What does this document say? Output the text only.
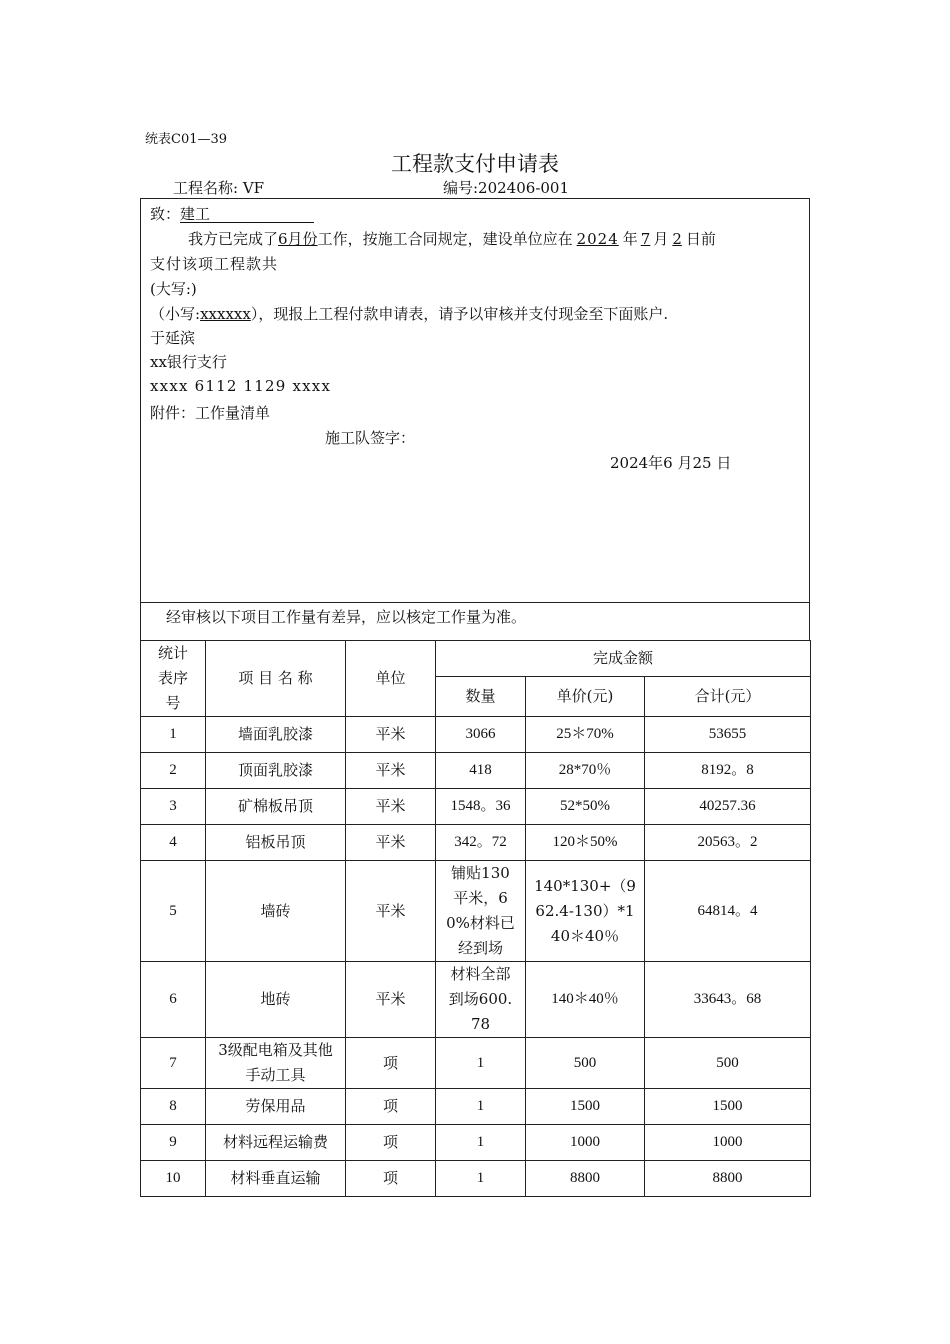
统表C01—39
工程款支付申请表
工程名称: VF	编号:202406-001
致：建工
我方已完成了6月份工作，按施工合同规定，建设单位应在 2024 年 7 月 2 日前
支付该项工程款共
(大写:)
（小写:xxxxxx），现报上工程付款申请表，请予以审核并支付现金至下面账户.
于延滨
xx银行支行
xxxx 6112 1129 xxxx
附件：工作量清单
施工队签字：
2024年6 月25 日
经审核以下项目工作量有差异，应以核定工作量为准。
统计表序号	项 目 名 称	单位	完成金额		
			数量	单价(元)	合计(元）
1	墙面乳胶漆	平米	3066	25＊70%	53655
2	顶面乳胶漆	平米	418	28*70％	8192。8
3	矿棉板吊顶	平米	1548。36	52*50%	40257.36
4	铝板吊顶	平米	342。72	120＊50%	20563。2
5	墙砖	平米	铺贴130平米，60%材料已经到场	140*130+（962.4-130）*140＊40％	64814。4
6	地砖	平米	材料全部到场600.78	140＊40％	33643。68
7	3级配电箱及其他手动工具	项	1	500	500
8	劳保用品	项	1	1500	1500
9	材料远程运输费	项	1	1000	1000
10	材料垂直运输	项	1	8800	8800
